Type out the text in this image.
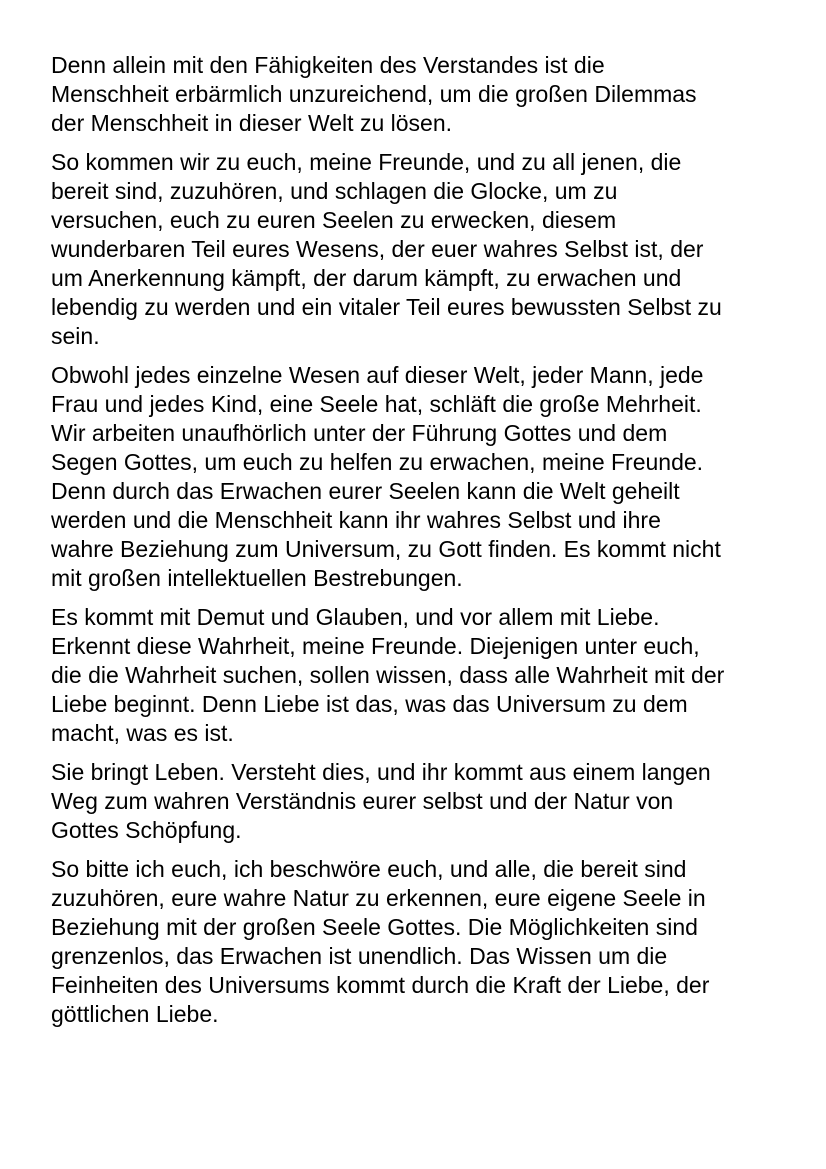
Denn allein mit den Fähigkeiten des Verstandes ist die
Menschheit erbärmlich unzureichend, um die großen Dilemmas
der Menschheit in dieser Welt zu lösen.

So kommen wir zu euch, meine Freunde, und zu all jenen, die
bereit sind, zuzuhören, und schlagen die Glocke, um zu
versuchen, euch zu euren Seelen zu erwecken, diesem
wunderbaren Teil eures Wesens, der euer wahres Selbst ist, der
um Anerkennung kämpft, der darum kämpft, zu erwachen und
lebendig zu werden und ein vitaler Teil eures bewussten Selbst zu
sein.

Obwohl jedes einzelne Wesen auf dieser Welt, jeder Mann, jede
Frau und jedes Kind, eine Seele hat, schläft die große Mehrheit.
Wir arbeiten unaufhörlich unter der Führung Gottes und dem
Segen Gottes, um euch zu helfen zu erwachen, meine Freunde.
Denn durch das Erwachen eurer Seelen kann die Welt geheilt
werden und die Menschheit kann ihr wahres Selbst und ihre
wahre Beziehung zum Universum, zu Gott finden. Es kommt nicht
mit großen intellektuellen Bestrebungen.

Es kommt mit Demut und Glauben, und vor allem mit Liebe.
Erkennt diese Wahrheit, meine Freunde. Diejenigen unter euch,
die die Wahrheit suchen, sollen wissen, dass alle Wahrheit mit der
Liebe beginnt. Denn Liebe ist das, was das Universum zu dem
macht, was es ist.

Sie bringt Leben. Versteht dies, und ihr kommt aus einem langen
Weg zum wahren Verständnis eurer selbst und der Natur von
Gottes Schöpfung.

So bitte ich euch, ich beschwöre euch, und alle, die bereit sind
zuzuhören, eure wahre Natur zu erkennen, eure eigene Seele in
Beziehung mit der großen Seele Gottes. Die Möglichkeiten sind
grenzenlos, das Erwachen ist unendlich. Das Wissen um die
Feinheiten des Universums kommt durch die Kraft der Liebe, der
göttlichen Liebe.
